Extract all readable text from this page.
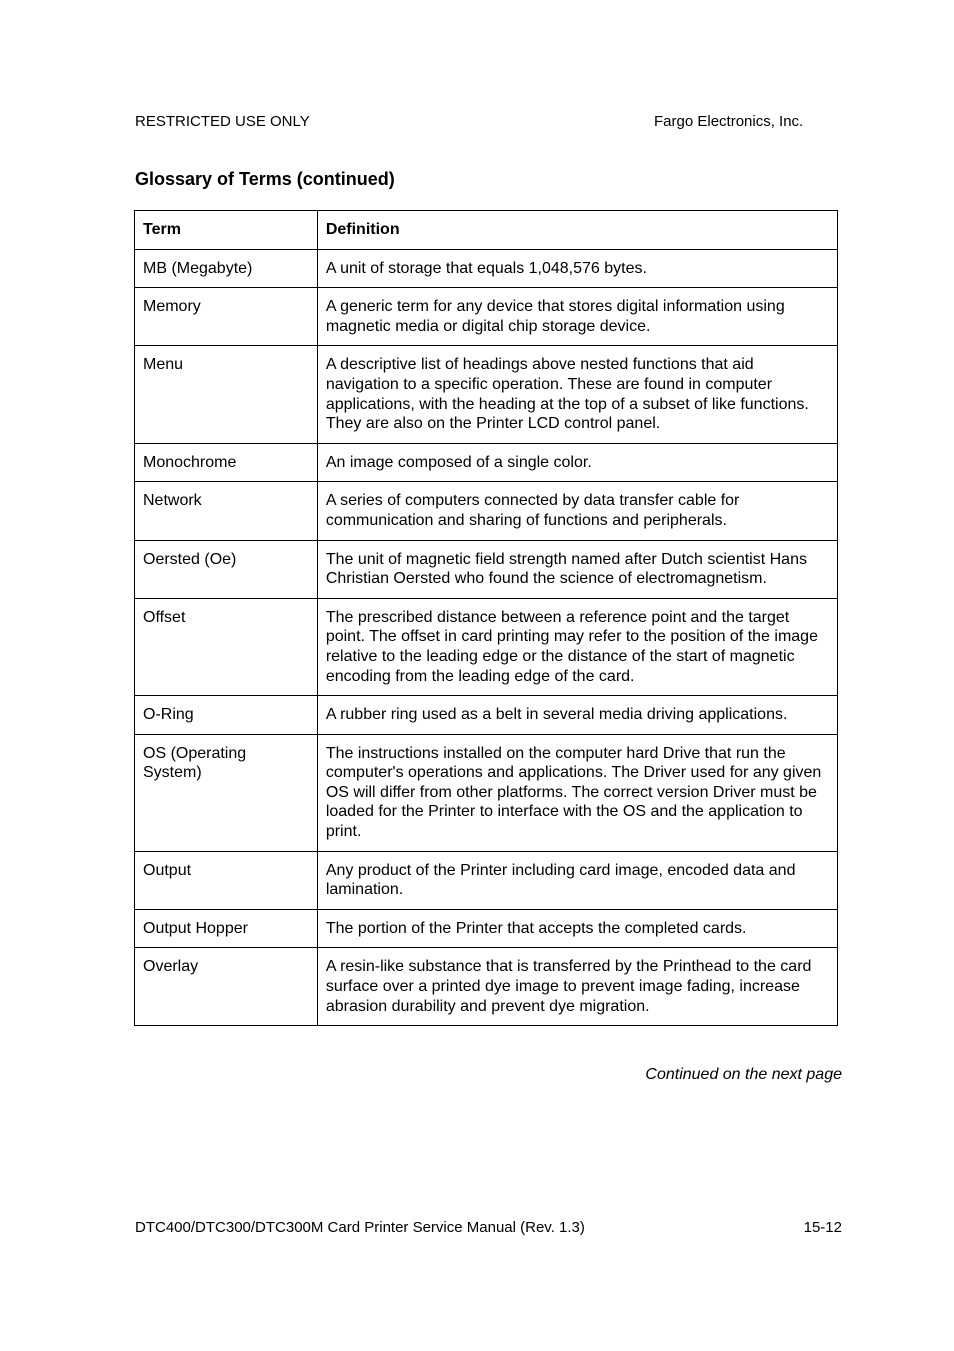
RESTRICTED USE ONLY	Fargo Electronics, Inc.
Glossary of Terms (continued)
Term	Definition
MB (Megabyte)	A unit of storage that equals 1,048,576 bytes.
Memory	A generic term for any device that stores digital information using magnetic media or digital chip storage device.
Menu	A descriptive list of headings above nested functions that aid navigation to a specific operation. These are found in computer applications, with the heading at the top of a subset of like functions. They are also on the Printer LCD control panel.
Monochrome	An image composed of a single color.
Network	A series of computers connected by data transfer cable for communication and sharing of functions and peripherals.
Oersted (Oe)	The unit of magnetic field strength named after Dutch scientist Hans Christian Oersted who found the science of electromagnetism.
Offset	The prescribed distance between a reference point and the target point. The offset in card printing may refer to the position of the image relative to the leading edge or the distance of the start of magnetic encoding from the leading edge of the card.
O-Ring	A rubber ring used as a belt in several media driving applications.
OS (Operating System)	The instructions installed on the computer hard Drive that run the computer's operations and applications. The Driver used for any given OS will differ from other platforms. The correct version Driver must be loaded for the Printer to interface with the OS and the application to print.
Output	Any product of the Printer including card image, encoded data and lamination.
Output Hopper	The portion of the Printer that accepts the completed cards.
Overlay	A resin-like substance that is transferred by the Printhead to the card surface over a printed dye image to prevent image fading, increase abrasion durability and prevent dye migration.
Continued on the next page
DTC400/DTC300/DTC300M Card Printer Service Manual (Rev. 1.3)	15-12
